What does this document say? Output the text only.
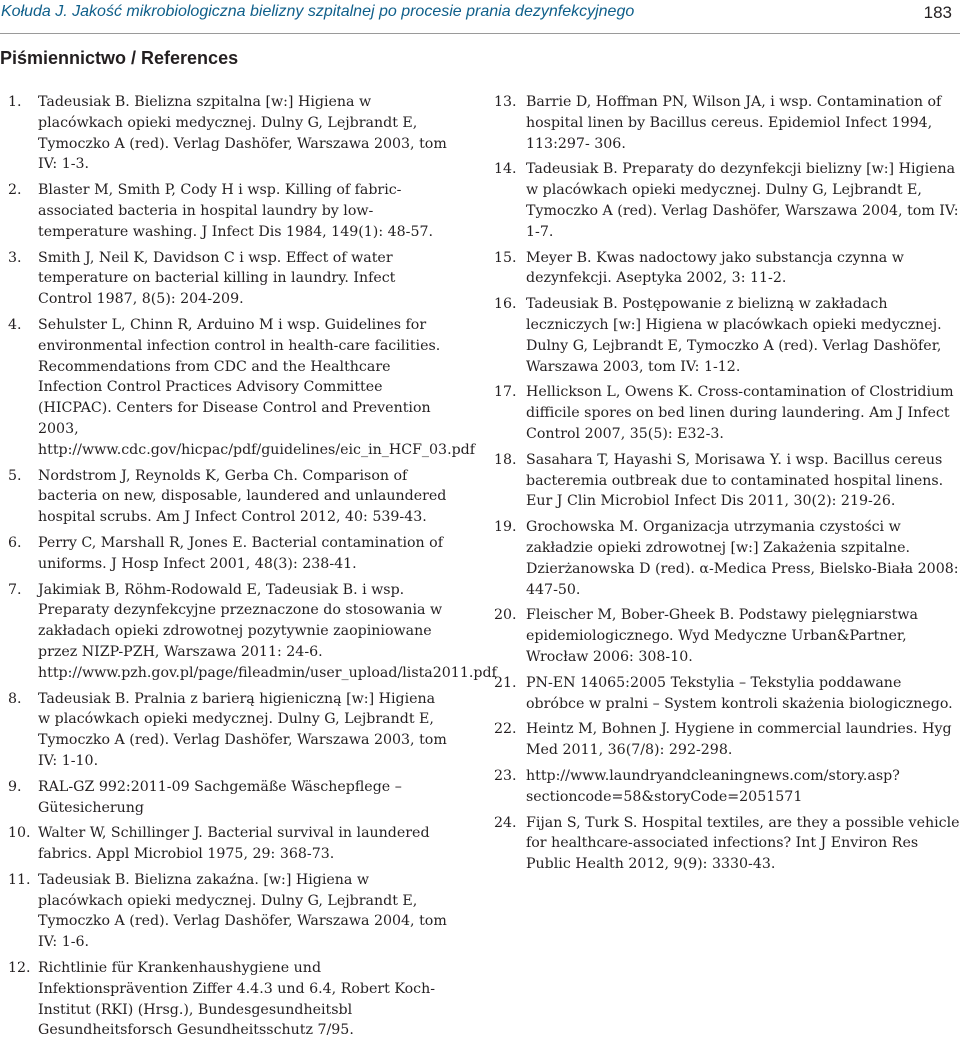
Kołuda J. Jakość mikrobiologiczna bielizny szpitalnej po procesie prania dezynfekcyjnego	183
Piśmiennictwo / References
1. Tadeusiak B. Bielizna szpitalna [w:] Higiena w placówkach opieki medycznej. Dulny G, Lejbrandt E, Tymoczko A (red). Verlag Dashöfer, Warszawa 2003, tom IV: 1-3.
2. Blaster M, Smith P, Cody H i wsp. Killing of fabric-associated bacteria in hospital laundry by low-temperature washing. J Infect Dis 1984, 149(1): 48-57.
3. Smith J, Neil K, Davidson C i wsp. Effect of water temperature on bacterial killing in laundry. Infect Control 1987, 8(5): 204-209.
4. Sehulster L, Chinn R, Arduino M i wsp. Guidelines for environmental infection control in health-care facilities. Recommendations from CDC and the Healthcare Infection Control Practices Advisory Committee (HICPAC). Centers for Disease Control and Prevention 2003, http://www.cdc.gov/hicpac/pdf/guidelines/eic_in_HCF_03.pdf
5. Nordstrom J, Reynolds K, Gerba Ch. Comparison of bacteria on new, disposable, laundered and unlaundered hospital scrubs. Am J Infect Control 2012, 40: 539-43.
6. Perry C, Marshall R, Jones E. Bacterial contamination of uniforms. J Hosp Infect 2001, 48(3): 238-41.
7. Jakimiak B, Röhm-Rodowald E, Tadeusiak B. i wsp. Preparaty dezynfekcyjne przeznaczone do stosowania w zakładach opieki zdrowotnej pozytywnie zaopiniowane przez NIZP-PZH, Warszawa 2011: 24-6. http://www.pzh.gov.pl/page/fileadmin/user_upload/lista2011.pdf
8. Tadeusiak B. Pralnia z barierą higieniczną [w:] Higiena w placówkach opieki medycznej. Dulny G, Lejbrandt E, Tymoczko A (red). Verlag Dashöfer, Warszawa 2003, tom IV: 1-10.
9. RAL-GZ 992:2011-09 Sachgemäße Wäschepflege – Gütesicherung
10. Walter W, Schillinger J. Bacterial survival in laundered fabrics. Appl Microbiol 1975, 29: 368-73.
11. Tadeusiak B. Bielizna zakaźna. [w:] Higiena w placówkach opieki medycznej. Dulny G, Lejbrandt E, Tymoczko A (red). Verlag Dashöfer, Warszawa 2004, tom IV: 1-6.
12. Richtlinie für Krankenhaushygiene und Infektionsprävention Ziffer 4.4.3 und 6.4, Robert Koch-Institut (RKI) (Hrsg.), Bundesgesundheitsbl Gesundheitsforsch Gesundheitsschutz 7/95.
13. Barrie D, Hoffman PN, Wilson JA, i wsp. Contamination of hospital linen by Bacillus cereus. Epidemiol Infect 1994, 113:297- 306.
14. Tadeusiak B. Preparaty do dezynfekcji bielizny [w:] Higiena w placówkach opieki medycznej. Dulny G, Lejbrandt E, Tymoczko A (red). Verlag Dashöfer, Warszawa 2004, tom IV: 1-7.
15. Meyer B. Kwas nadoctowy jako substancja czynna w dezynfekcji. Aseptyka 2002, 3: 11-2.
16. Tadeusiak B. Postępowanie z bielizną w zakładach leczniczych [w:] Higiena w placówkach opieki medycznej. Dulny G, Lejbrandt E, Tymoczko A (red). Verlag Dashöfer, Warszawa 2003, tom IV: 1-12.
17. Hellickson L, Owens K. Cross-contamination of Clostridium difficile spores on bed linen during laundering. Am J Infect Control 2007, 35(5): E32-3.
18. Sasahara T, Hayashi S, Morisawa Y. i wsp. Bacillus cereus bacteremia outbreak due to contaminated hospital linens. Eur J Clin Microbiol Infect Dis 2011, 30(2): 219-26.
19. Grochowska M. Organizacja utrzymania czystości w zakładzie opieki zdrowotnej [w:] Zakażenia szpitalne. Dzierżanowska D (red). α-Medica Press, Bielsko-Biała 2008: 447-50.
20. Fleischer M, Bober-Gheek B. Podstawy pielęgniarstwa epidemiologicznego. Wyd Medyczne Urban&Partner, Wrocław 2006: 308-10.
21. PN-EN 14065:2005 Tekstylia – Tekstylia poddawane obróbce w pralni – System kontroli skażenia biologicznego.
22. Heintz M, Bohnen J. Hygiene in commercial laundries. Hyg Med 2011, 36(7/8): 292-298.
23. http://www.laundryandcleaningnews.com/story.asp?sectioncode=58&storyCode=2051571
24. Fijan S, Turk S. Hospital textiles, are they a possible vehicle for healthcare-associated infections? Int J Environ Res Public Health 2012, 9(9): 3330-43.
